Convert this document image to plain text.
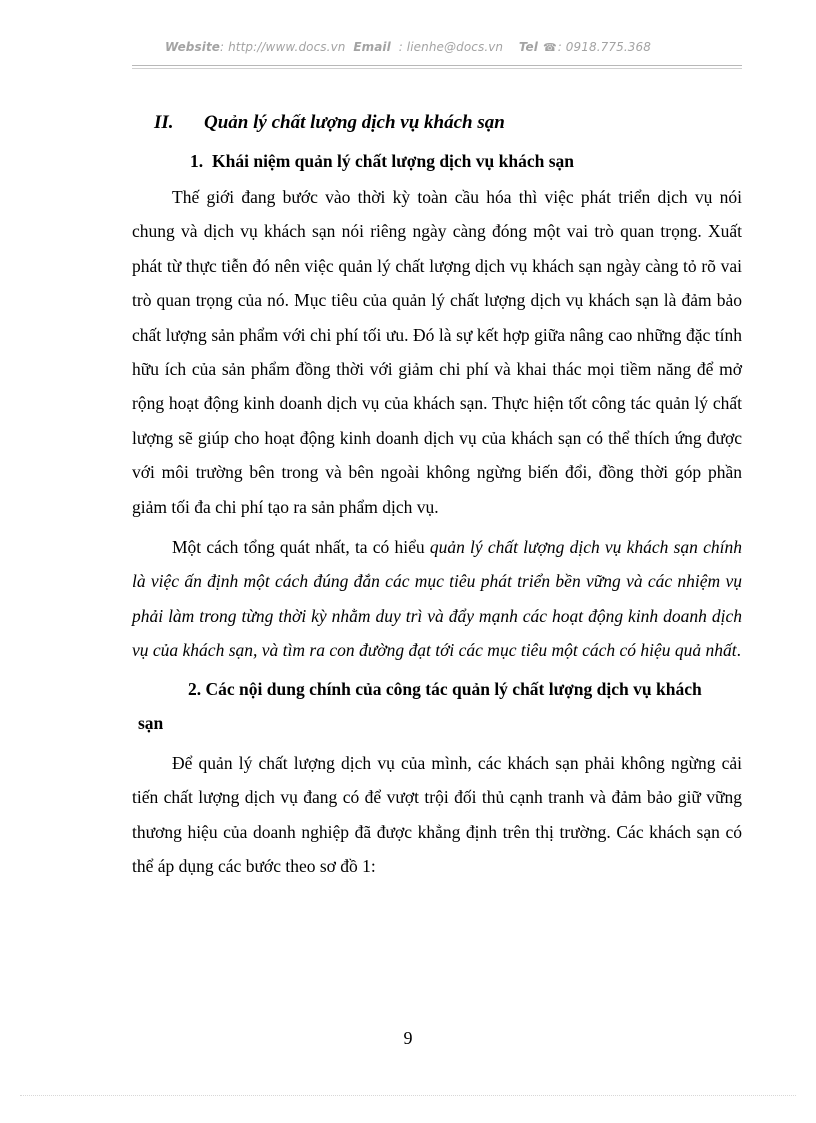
Website: http://www.docs.vn Email : lienhe@docs.vn Tel ☎: 0918.775.368
II. Quản lý chất lượng dịch vụ khách sạn
1. Khái niệm quản lý chất lượng dịch vụ khách sạn

Thế giới đang bước vào thời kỳ toàn cầu hóa thì việc phát triển dịch vụ nói chung và dịch vụ khách sạn nói riêng ngày càng đóng một vai trò quan trọng. Xuất phát từ thực tiễn đó nên việc quản lý chất lượng dịch vụ khách sạn ngày càng tỏ rõ vai trò quan trọng của nó. Mục tiêu của quản lý chất lượng dịch vụ khách sạn là đảm bảo chất lượng sản phẩm với chi phí tối ưu. Đó là sự kết hợp giữa nâng cao những đặc tính hữu ích của sản phẩm đồng thời với giảm chi phí và khai thác mọi tiềm năng để mở rộng hoạt động kinh doanh dịch vụ của khách sạn. Thực hiện tốt công tác quản lý chất lượng sẽ giúp cho hoạt động kinh doanh dịch vụ của khách sạn có thể thích ứng được với môi trường bên trong và bên ngoài không ngừng biến đổi, đồng thời góp phần giảm tối đa chi phí tạo ra sản phẩm dịch vụ.

Một cách tổng quát nhất, ta có hiểu quản lý chất lượng dịch vụ khách sạn chính là việc ấn định một cách đúng đắn các mục tiêu phát triển bền vững và các nhiệm vụ phải làm trong từng thời kỳ nhằm duy trì và đẩy mạnh các hoạt động kinh doanh dịch vụ của khách sạn, và tìm ra con đường đạt tới các mục tiêu một cách có hiệu quả nhất.

2. Các nội dung chính của công tác quản lý chất lượng dịch vụ khách
sạn

Để quản lý chất lượng dịch vụ của mình, các khách sạn phải không ngừng cải tiến chất lượng dịch vụ đang có để vượt trội đối thủ cạnh tranh và đảm bảo giữ vững thương hiệu của doanh nghiệp đã được khẳng định trên thị trường. Các khách sạn có thể áp dụng các bước theo sơ đồ 1:

9
